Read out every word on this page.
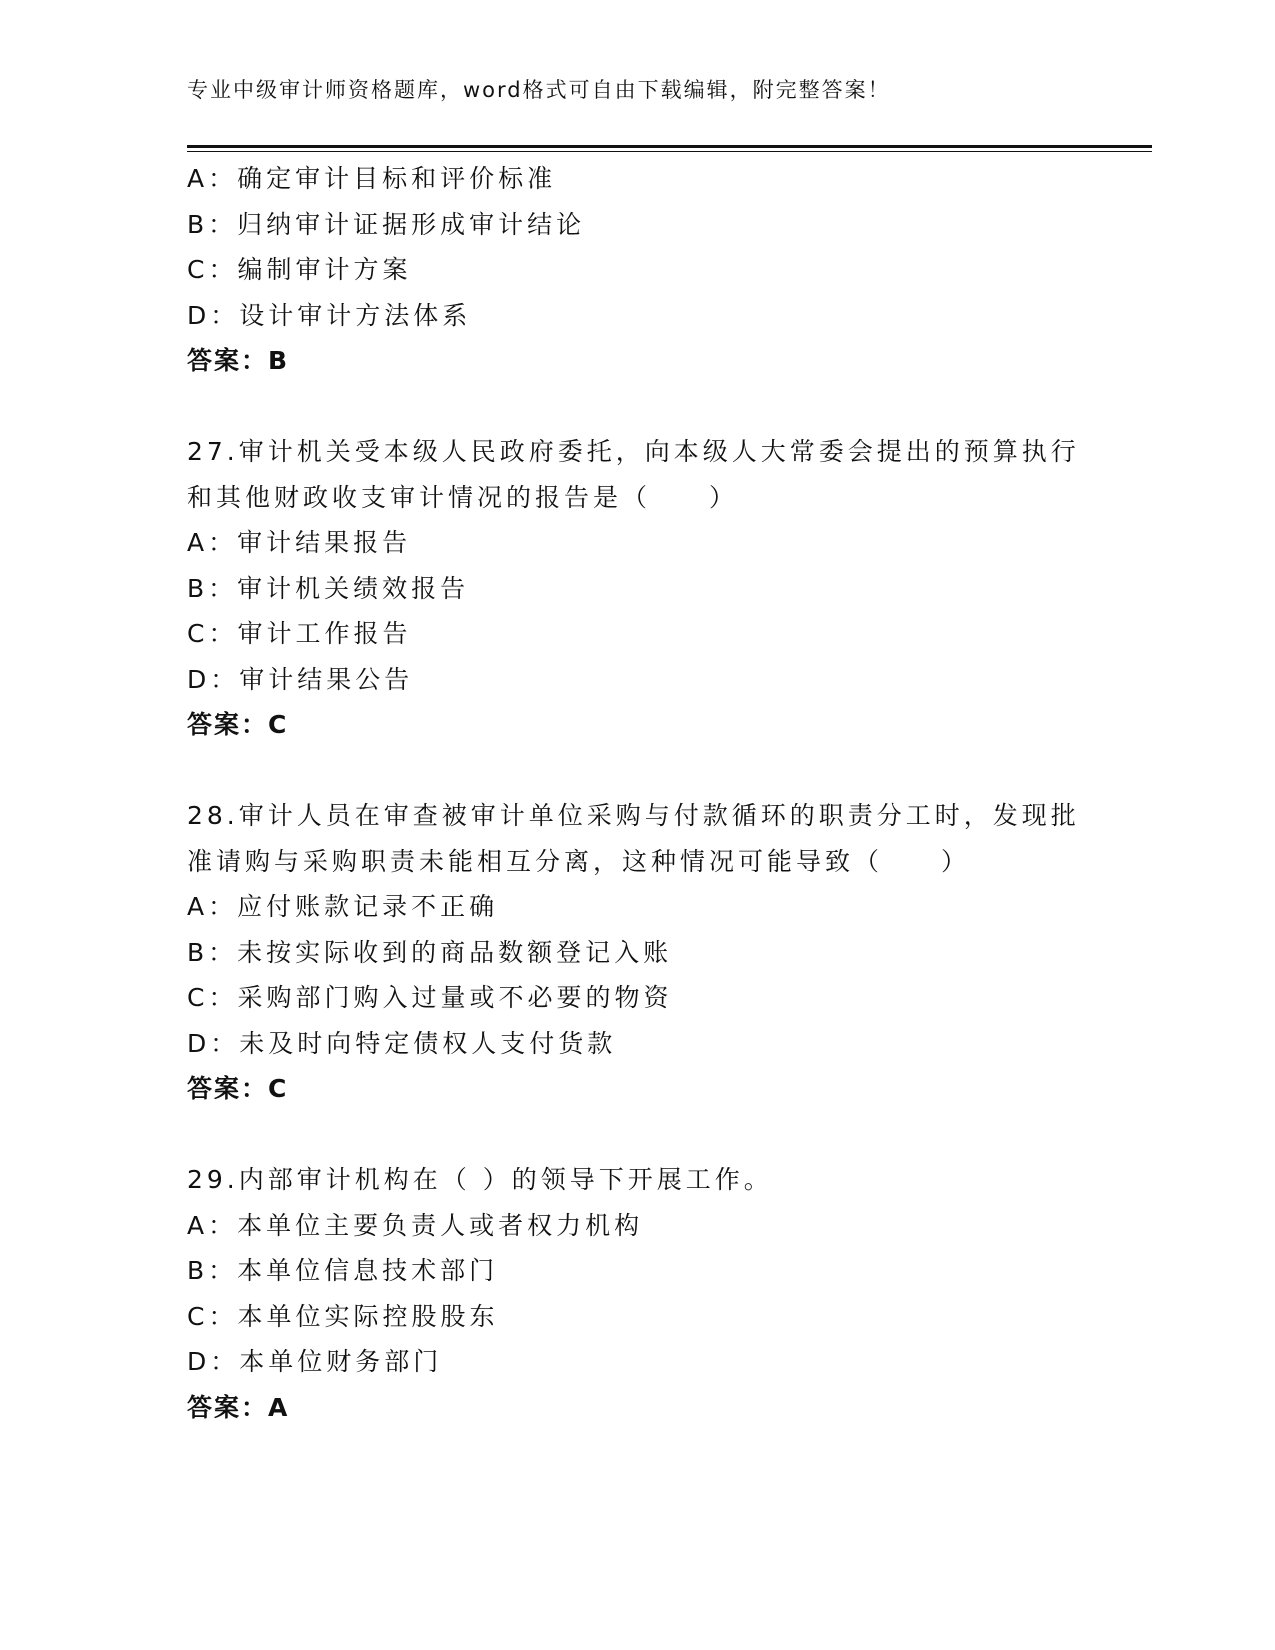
专业中级审计师资格题库，word格式可自由下载编辑，附完整答案！
A：确定审计目标和评价标准
B：归纳审计证据形成审计结论
C：编制审计方案
D：设计审计方法体系
答案：B
27.审计机关受本级人民政府委托，向本级人大常委会提出的预算执行
和其他财政收支审计情况的报告是（　　）
A：审计结果报告
B：审计机关绩效报告
C：审计工作报告
D：审计结果公告
答案：C
28.审计人员在审查被审计单位采购与付款循环的职责分工时，发现批
准请购与采购职责未能相互分离，这种情况可能导致（　　）
A：应付账款记录不正确
B：未按实际收到的商品数额登记入账
C：采购部门购入过量或不必要的物资
D：未及时向特定债权人支付货款
答案：C
29.内部审计机构在（ ）的领导下开展工作。
A：本单位主要负责人或者权力机构
B：本单位信息技术部门
C：本单位实际控股股东
D：本单位财务部门
答案：A
